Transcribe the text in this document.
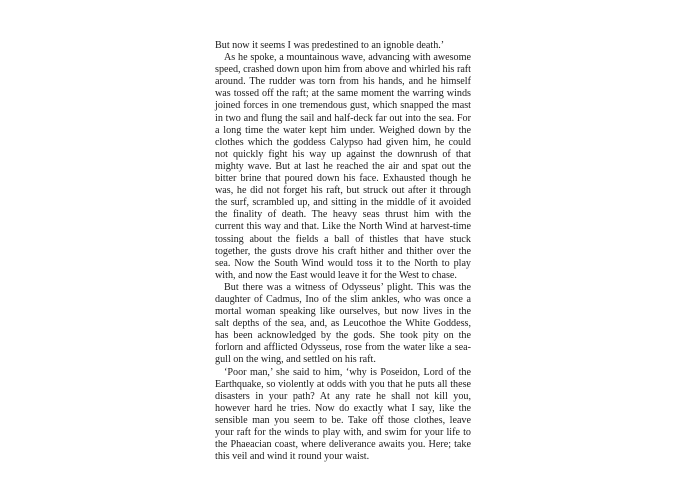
But now it seems I was predestined to an ignoble death.’

As he spoke, a mountainous wave, advancing with awesome speed, crashed down upon him from above and whirled his raft around. The rudder was torn from his hands, and he himself was tossed off the raft; at the same moment the warring winds joined forces in one tremendous gust, which snapped the mast in two and flung the sail and half-deck far out into the sea. For a long time the water kept him under. Weighed down by the clothes which the goddess Calypso had given him, he could not quickly fight his way up against the downrush of that mighty wave. But at last he reached the air and spat out the bitter brine that poured down his face. Exhausted though he was, he did not forget his raft, but struck out after it through the surf, scrambled up, and sitting in the middle of it avoided the finality of death. The heavy seas thrust him with the current this way and that. Like the North Wind at harvest-time tossing about the fields a ball of thistles that have stuck together, the gusts drove his craft hither and thither over the sea. Now the South Wind would toss it to the North to play with, and now the East would leave it for the West to chase.

But there was a witness of Odysseus’ plight. This was the daughter of Cadmus, Ino of the slim ankles, who was once a mortal woman speaking like ourselves, but now lives in the salt depths of the sea, and, as Leucothoe the White Goddess, has been acknowledged by the gods. She took pity on the forlorn and afflicted Odysseus, rose from the water like a sea-gull on the wing, and settled on his raft.

‘Poor man,’ she said to him, ‘why is Poseidon, Lord of the Earthquake, so violently at odds with you that he puts all these disasters in your path? At any rate he shall not kill you, however hard he tries. Now do exactly what I say, like the sensible man you seem to be. Take off those clothes, leave your raft for the winds to play with, and swim for your life to the Phaeacian coast, where deliverance awaits you. Here; take this veil and wind it round your waist.
